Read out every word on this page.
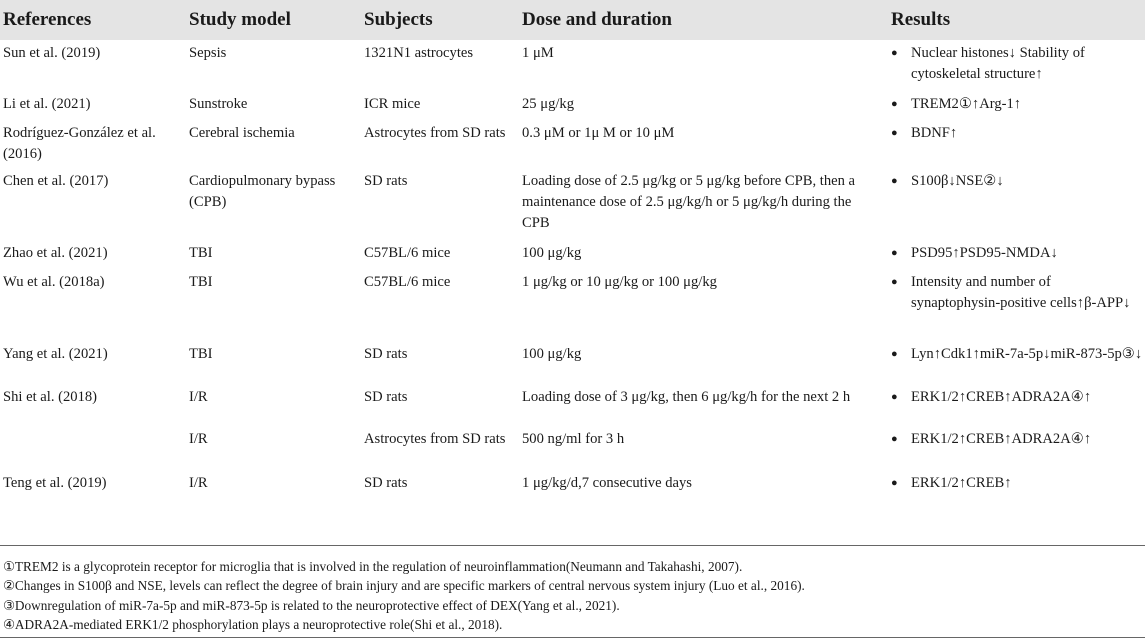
References	Study model	Subjects	Dose and duration	Results
Sun et al. (2019)	Sepsis	1321N1 astrocytes	1 μM	● Nuclear histones↓ Stability of cytoskeletal structure↑

Li et al. (2021)	Sunstroke	ICR mice	25 μg/kg	● TREM2①↑Arg-1↑

Rodríguez-González et al. (2016)	Cerebral ischemia	Astrocytes from SD rats	0.3 μM or 1μ M or 10 μM	● BDNF↑

Chen et al. (2017)	Cardiopulmonary bypass (CPB)	SD rats	Loading dose of 2.5 μg/kg or 5 μg/kg before CPB, then a maintenance dose of 2.5 μg/kg/h or 5 μg/kg/h during the CPB	● S100β↓NSE②↓

Zhao et al. (2021)	TBI	C57BL/6 mice	100 μg/kg	● PSD95↑PSD95-NMDA↓

Wu et al. (2018a)	TBI	C57BL/6 mice	1 μg/kg or 10 μg/kg or 100 μg/kg	● Intensity and number of synaptophysin-positive cells↑β-APP↓

Yang et al. (2021)	TBI	SD rats	100 μg/kg	● Lyn↑Cdk1↑miR-7a-5p↓miR-873-5p③↓

Shi et al. (2018)	I/R	SD rats	Loading dose of 3 μg/kg, then 6 μg/kg/h for the next 2 h	● ERK1/2↑CREB↑ADRA2A④↑

	I/R	Astrocytes from SD rats	500 ng/ml for 3 h	● ERK1/2↑CREB↑ADRA2A④↑

Teng et al. (2019)	I/R	SD rats	1 μg/kg/d,7 consecutive days	● ERK1/2↑CREB↑
①TREM2 is a glycoprotein receptor for microglia that is involved in the regulation of neuroinflammation(Neumann and Takahashi, 2007).
②Changes in S100β and NSE, levels can reflect the degree of brain injury and are specific markers of central nervous system injury (Luo et al., 2016).
③Downregulation of miR-7a-5p and miR-873-5p is related to the neuroprotective effect of DEX(Yang et al., 2021).
④ADRA2A-mediated ERK1/2 phosphorylation plays a neuroprotective role(Shi et al., 2018).
